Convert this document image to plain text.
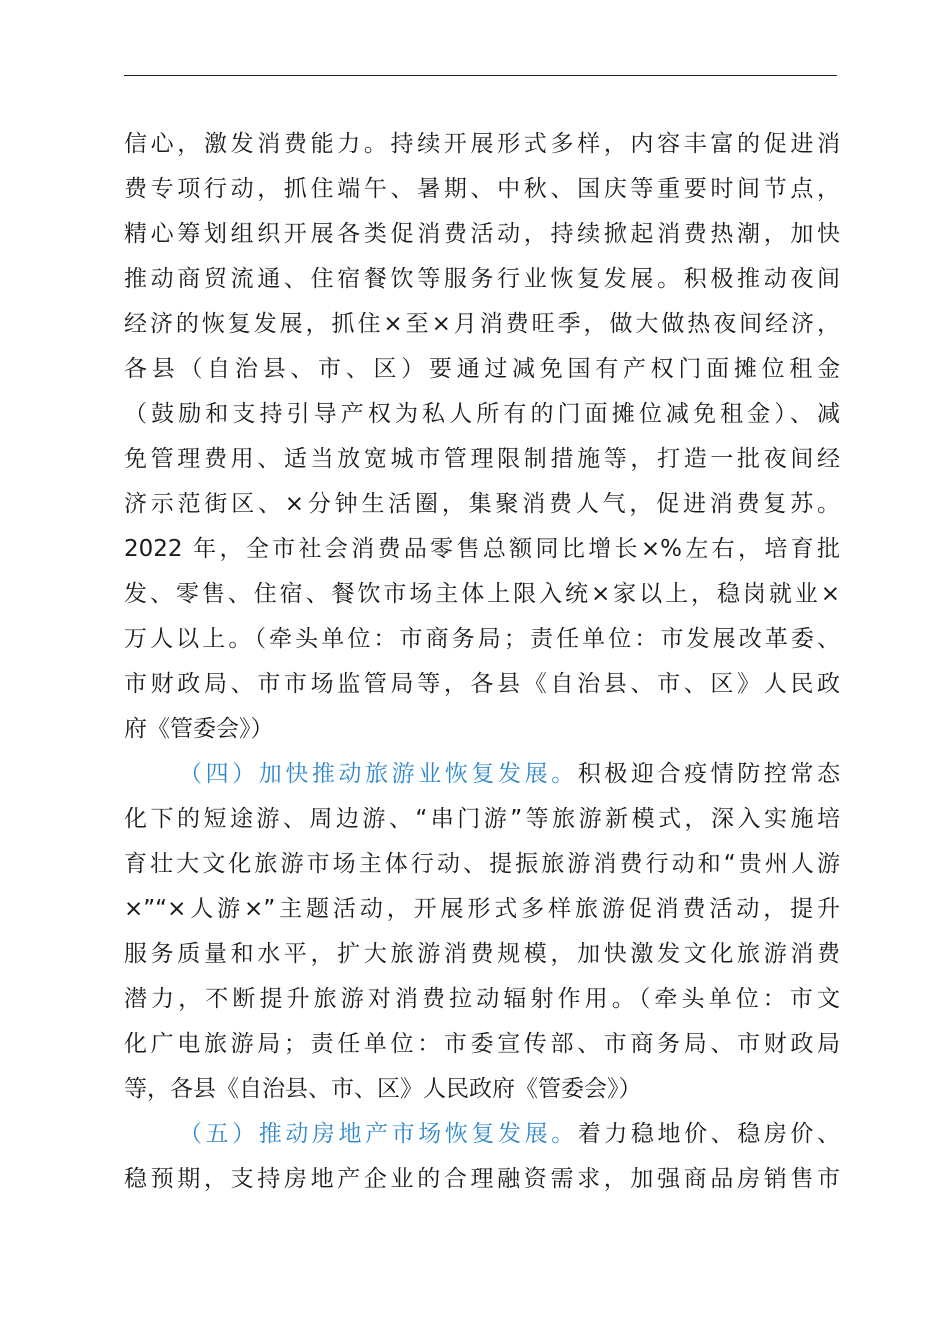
信心，激发消费能力。持续开展形式多样，内容丰富的促进消
费专项行动，抓住端午、暑期、中秋、国庆等重要时间节点，
精心筹划组织开展各类促消费活动，持续掀起消费热潮，加快
推动商贸流通、住宿餐饮等服务行业恢复发展。积极推动夜间
经济的恢复发展，抓住×至×月消费旺季，做大做热夜间经济，
各县（自治县、市、区）要通过减免国有产权门面摊位租金
（鼓励和支持引导产权为私人所有的门面摊位减免租金）、减
免管理费用、适当放宽城市管理限制措施等，打造一批夜间经
济示范街区、×分钟生活圈，集聚消费人气，促进消费复苏。
2022 年，全市社会消费品零售总额同比增长×%左右，培育批
发、零售、住宿、餐饮市场主体上限入统×家以上，稳岗就业×
万人以上。（牵头单位：市商务局；责任单位：市发展改革委、
市财政局、市市场监管局等，各县《自治县、市、区》人民政
府《管委会》）
（四）加快推动旅游业恢复发展。积极迎合疫情防控常态
化下的短途游、周边游、“串门游”等旅游新模式，深入实施培
育壮大文化旅游市场主体行动、提振旅游消费行动和“贵州人游
×”“×人游×”主题活动，开展形式多样旅游促消费活动，提升
服务质量和水平，扩大旅游消费规模，加快激发文化旅游消费
潜力，不断提升旅游对消费拉动辐射作用。（牵头单位：市文
化广电旅游局；责任单位：市委宣传部、市商务局、市财政局
等，各县《自治县、市、区》人民政府《管委会》）
（五）推动房地产市场恢复发展。着力稳地价、稳房价、
稳预期，支持房地产企业的合理融资需求，加强商品房销售市
